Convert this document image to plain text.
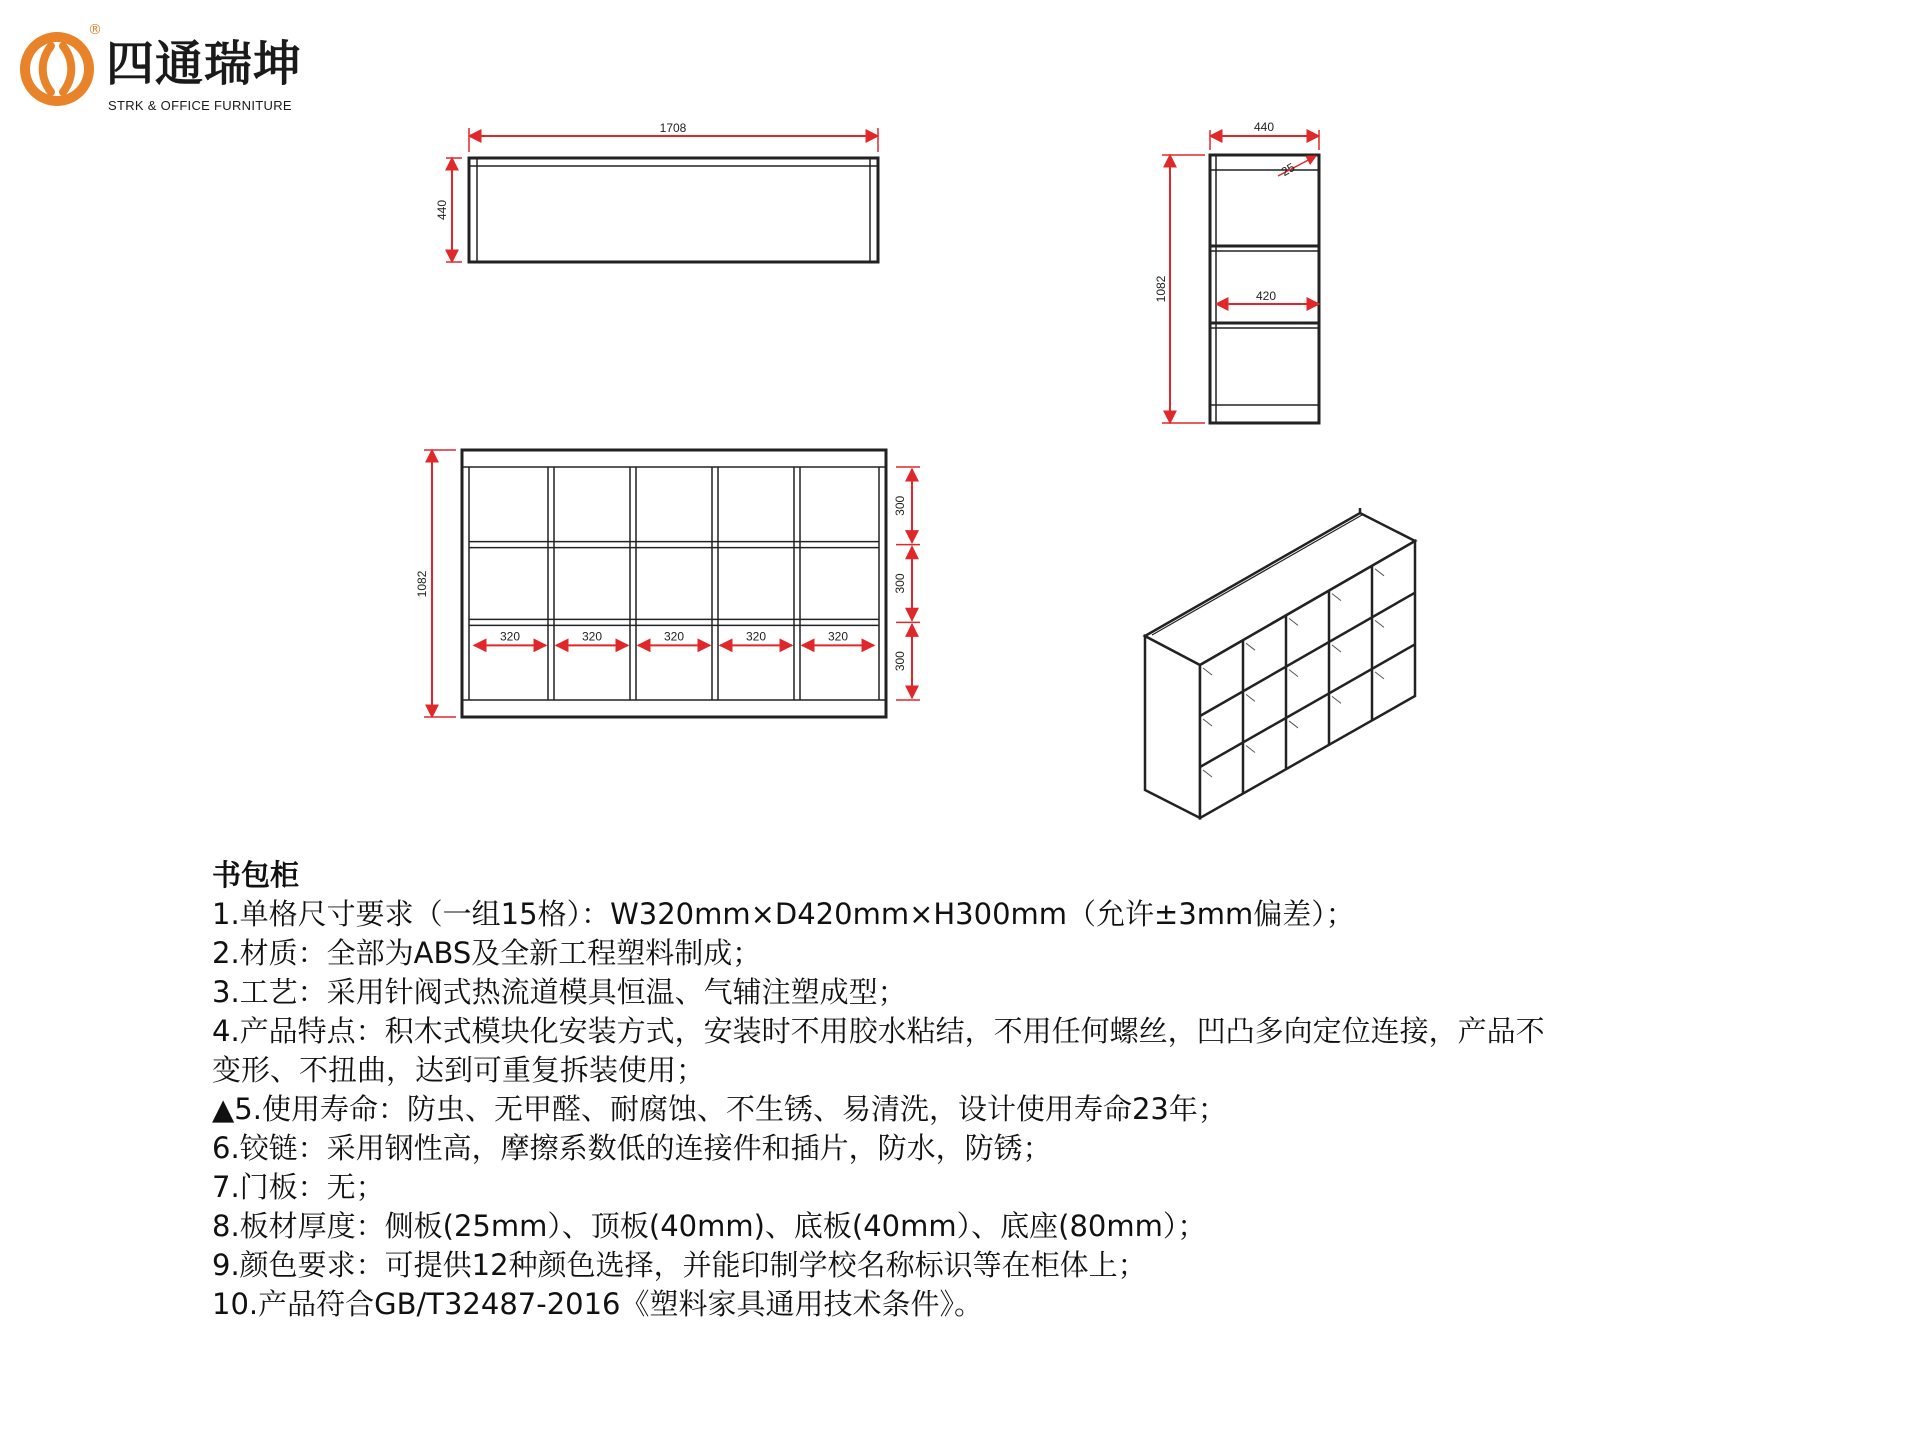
®
四通瑞坤
STRK & OFFICE FURNITURE
1708
440
440
420
25
1082
1082
300
300
300
320	320	320	320	320

书包柜

1.单格尺寸要求（一组15格）：W320mm×D420mm×H300mm（允许±3mm偏差）；

2.材质：全部为ABS及全新工程塑料制成；

3.工艺：采用针阀式热流道模具恒温、气辅注塑成型；

4.产品特点：积木式模块化安装方式，安装时不用胶水粘结，不用任何螺丝，凹凸多向定位连接，产品不

变形、不扭曲，达到可重复拆装使用；

▲5.使用寿命：防虫、无甲醛、耐腐蚀、不生锈、易清洗，设计使用寿命23年；

6.铰链：采用钢性高，摩擦系数低的连接件和插片，防水，防锈；

7.门板：无；

8.板材厚度：侧板(25mm）、顶板(40mm)、底板(40mm）、底座(80mm）；

9.颜色要求：可提供12种颜色选择，并能印制学校名称标识等在柜体上；

10.产品符合GB/T32487-2016《塑料家具通用技术条件》。
